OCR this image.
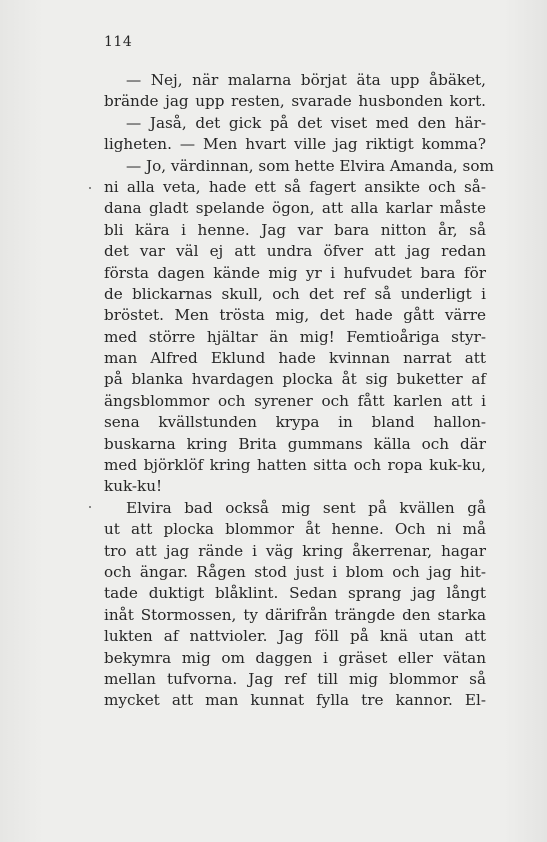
114
— Nej, när malarna börjat äta upp åbäket,
brände jag upp resten, svarade husbonden kort.
— Jaså, det gick på det viset med den här-
ligheten. — Men hvart ville jag riktigt komma?
— Jo, värdinnan, som hette Elvira Amanda, som
ni alla veta, hade ett så fagert ansikte och så-
dana gladt spelande ögon, att alla karlar måste
bli kära i henne. Jag var bara nitton år, så
det var väl ej att undra öfver att jag redan
första dagen kände mig yr i hufvudet bara för
de blickarnas skull, och det ref så underligt i
bröstet. Men trösta mig, det hade gått värre
med större hjältar än mig! Femtioåriga styr-
man Alfred Eklund hade kvinnan narrat att
på blanka hvardagen plocka åt sig buketter af
ängsblommor och syrener och fått karlen att i
sena kvällstunden krypa in bland hallon-
buskarna kring Brita gummans källa och där
med björklöf kring hatten sitta och ropa kuk-ku,
kuk-ku!
Elvira bad också mig sent på kvällen gå
ut att plocka blommor åt henne. Och ni må
tro att jag rände i väg kring åkerrenar, hagar
och ängar. Rågen stod just i blom och jag hit-
tade duktigt blåklint. Sedan sprang jag långt
inåt Stormossen, ty därifrån trängde den starka
lukten af nattvioler. Jag föll på knä utan att
bekymra mig om daggen i gräset eller vätan
mellan tufvorna. Jag ref till mig blommor så
mycket att man kunnat fylla tre kannor. El-
